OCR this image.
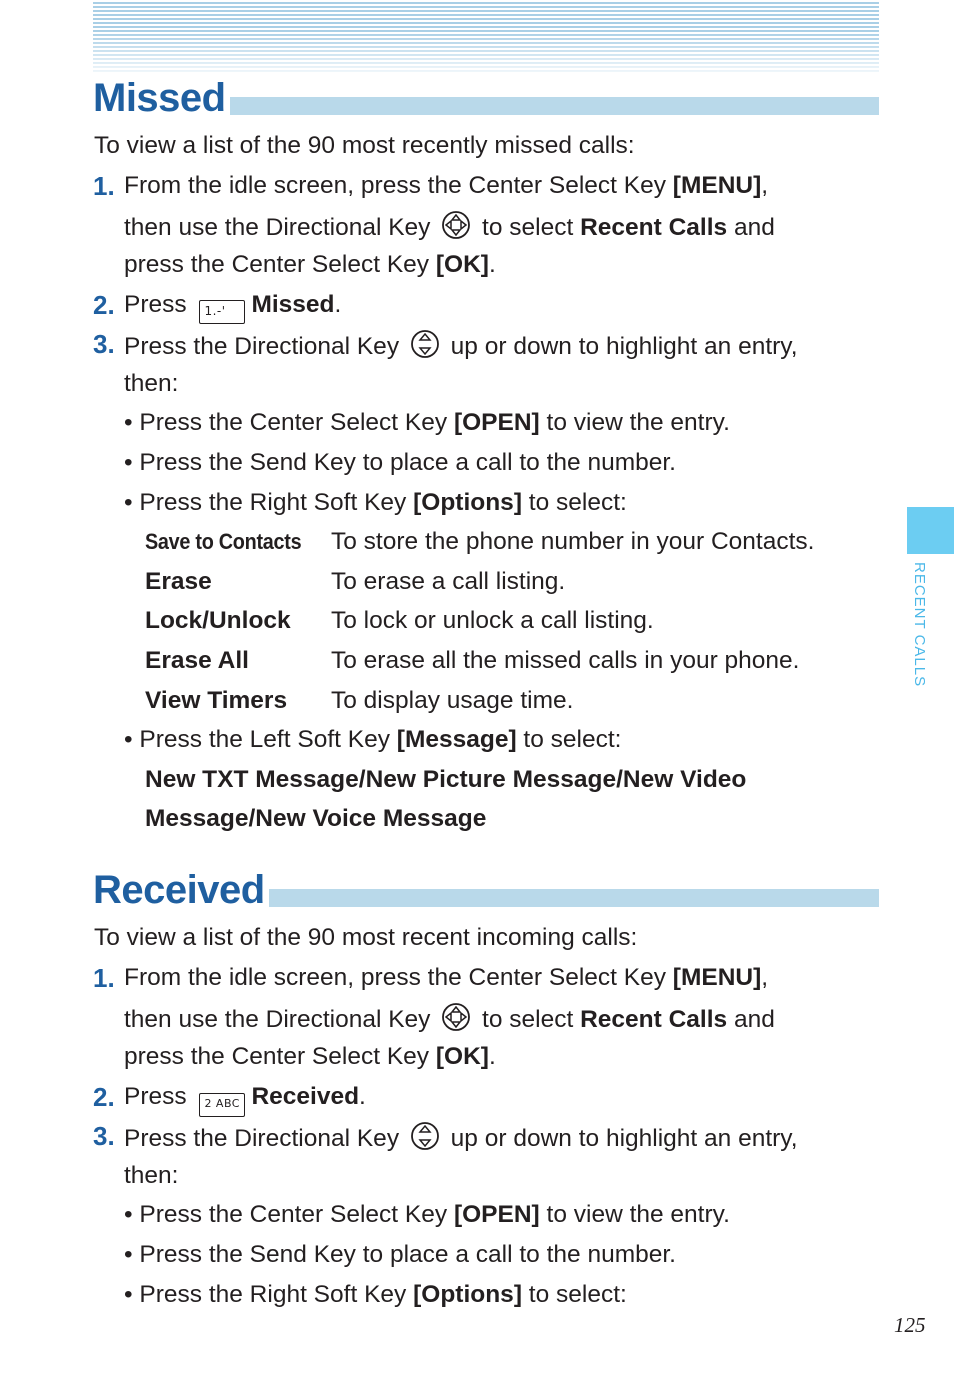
Missed
To view a list of the 90 most recently missed calls:
1. From the idle screen, press the Center Select Key [MENU],
then use the Directional Key  to select Recent Calls and
press the Center Select Key [OK].
2. Press 1.-' Missed.
3. Press the Directional Key  up or down to highlight an entry,
then:
• Press the Center Select Key [OPEN] to view the entry.
• Press the Send Key to place a call to the number.
• Press the Right Soft Key [Options] to select:
Save to Contacts To store the phone number in your Contacts.
Erase	To erase a call listing.
Lock/Unlock To lock or unlock a call listing.
Erase All	To erase all the missed calls in your phone.
View Timers To display usage time.
• Press the Left Soft Key [Message] to select:
New TXT Message/New Picture Message/New Video
Message/New Voice Message
Received
To view a list of the 90 most recent incoming calls:
1. From the idle screen, press the Center Select Key [MENU],
then use the Directional Key  to select Recent Calls and
press the Center Select Key [OK].
2. Press 2 ABC Received.
3. Press the Directional Key  up or down to highlight an entry,
then:
• Press the Center Select Key [OPEN] to view the entry.
• Press the Send Key to place a call to the number.
• Press the Right Soft Key [Options] to select:
RECENT CALLS
125
